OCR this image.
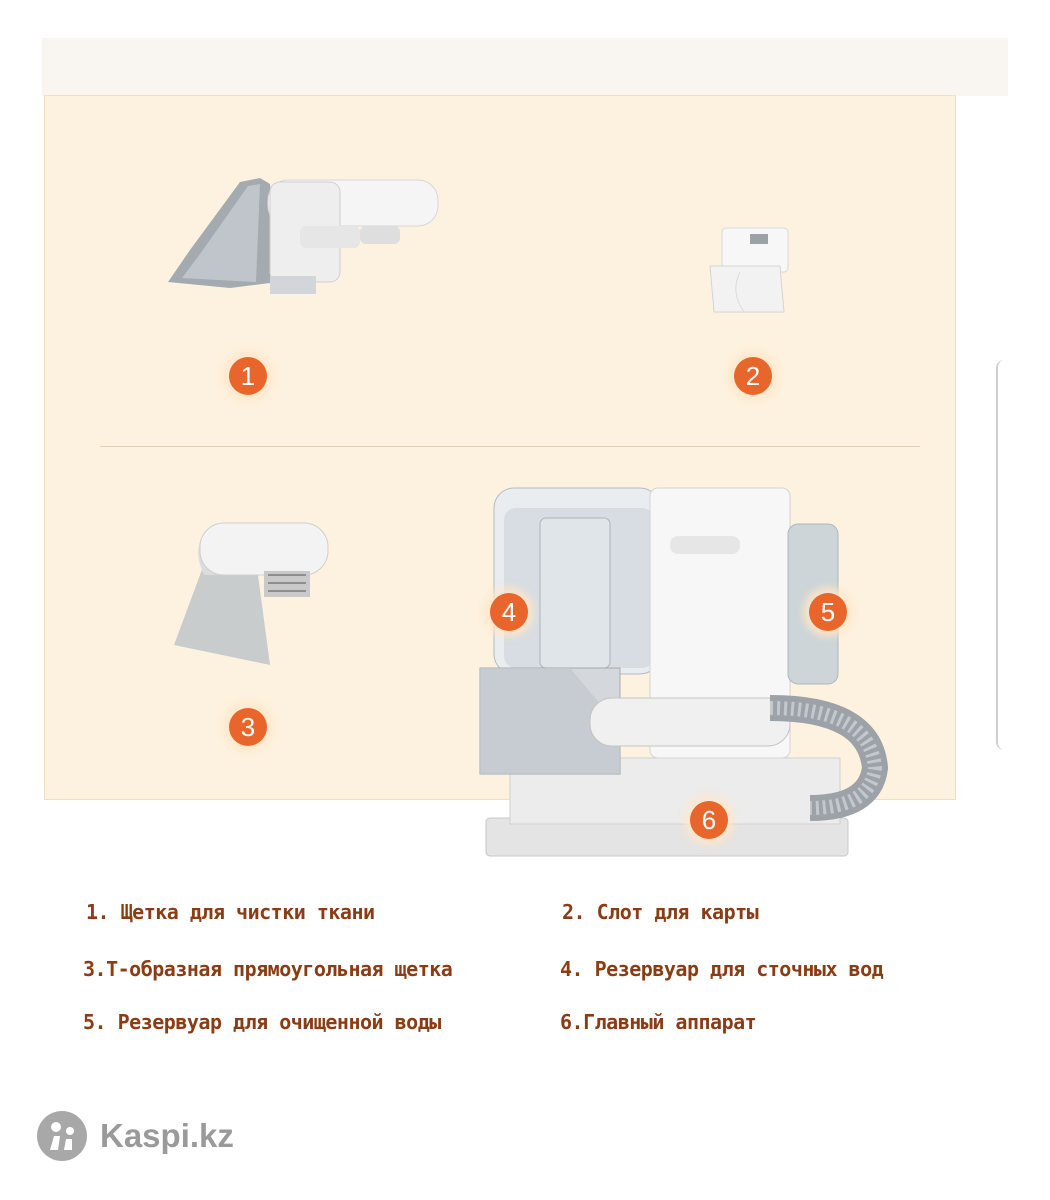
1	2
3
4	5
6
1. Щетка для чистки ткани	2. Слот для карты
3.Т-образная прямоугольная щетка	4. Резервуар для сточных вод
5. Резервуар для очищенной воды	6.Главный аппарат
Kaspi.kz
